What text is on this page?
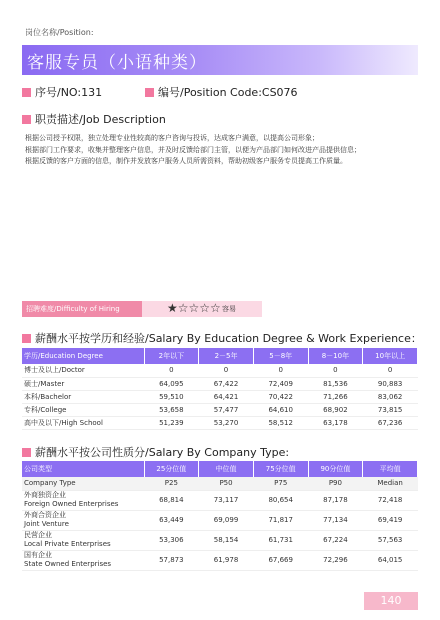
岗位名称/Position:
客服专员（小语种类）
序号/NO:131	编号/Position Code:CS076
职责描述/Job Description
根据公司授予权限，独立处理专业性较高的客户咨询与投诉，达成客户满意，以提高公司形象；
根据部门工作要求，收集并整理客户信息，并及时反馈给部门主管，以便为产品部门如何改进产品提供信息；
根据反馈的客户方面的信息，制作并发放客户服务人员所需资料，帮助初级客户服务专员提高工作质量。
招聘难度/Difficulty of Hiring	★☆☆☆☆ 容易
薪酬水平按学历和经验/Salary By Education Degree & Work Experience：
学历/Education Degree	2年以下	2－5年	5－8年	8－10年	10年以上
博士及以上/Doctor	0	0	0	0	0
硕士/Master	64,095	67,422	72,409	81,536	90,883
本科/Bachelor	59,510	64,421	70,422	71,266	83,062
专科/College	53,658	57,477	64,610	68,902	73,815
高中及以下/High School	51,239	53,270	58,512	63,178	67,236
薪酬水平按公司性质分/Salary By Company Type:
公司类型	25分位值	中位值	75分位值	90分位值	平均值
Company Type	P25	P50	P75	P90	Median

外商独资企业
Foreign Owned Enterprises	68,814	73,117	80,654	87,178	72,418

外商合资企业
Joint Venture	63,449	69,099	71,817	77,134	69,419

民营企业
Local Private Enterprises	53,306	58,154	61,731	67,224	57,563

国有企业
State Owned Enterprises	57,873	61,978	67,669	72,296	64,015
140
